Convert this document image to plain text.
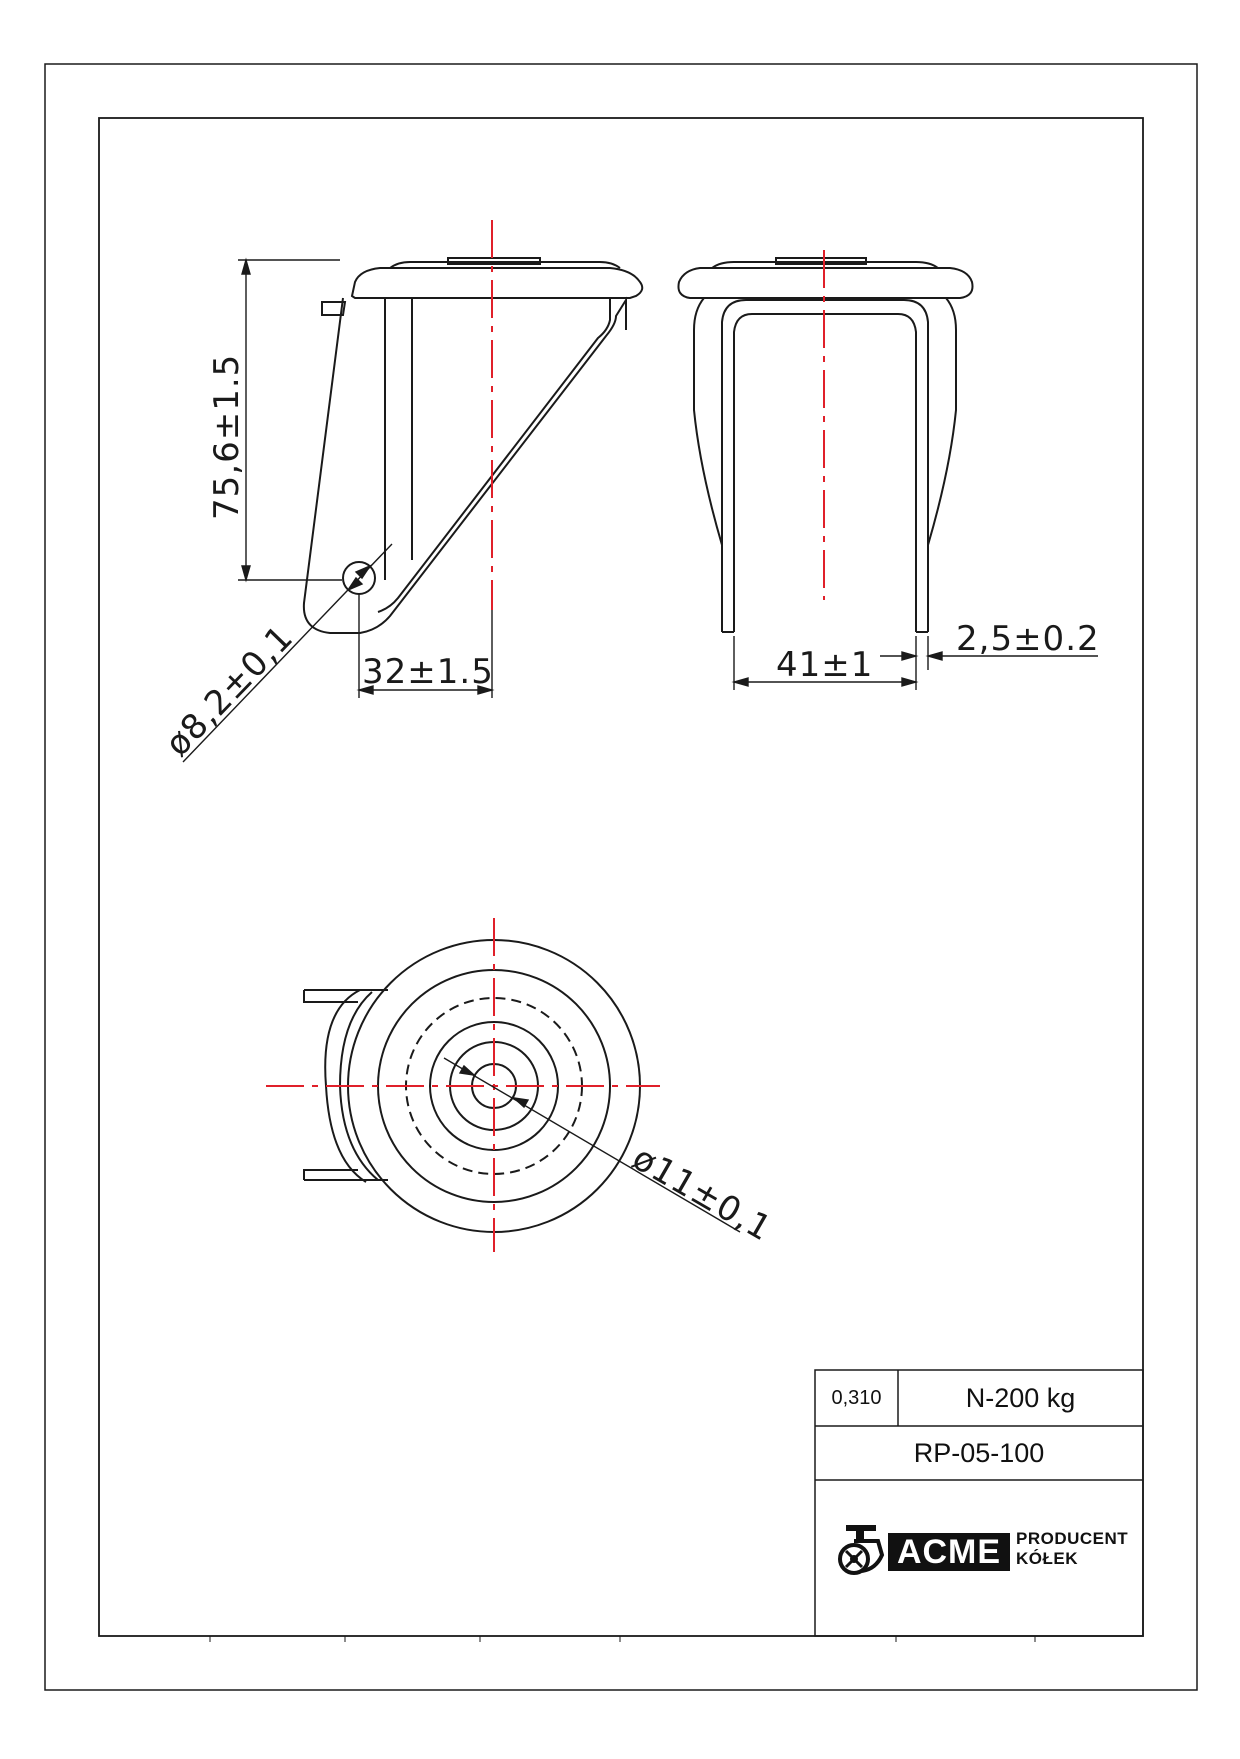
75,6±1.5
32±1.5
ø8,2±0,1	41±1
2,5±0.2
ø11±0,1
0,310	N-200 kg
RP-05-100
ACME PRODUCENT
KÓŁEK
